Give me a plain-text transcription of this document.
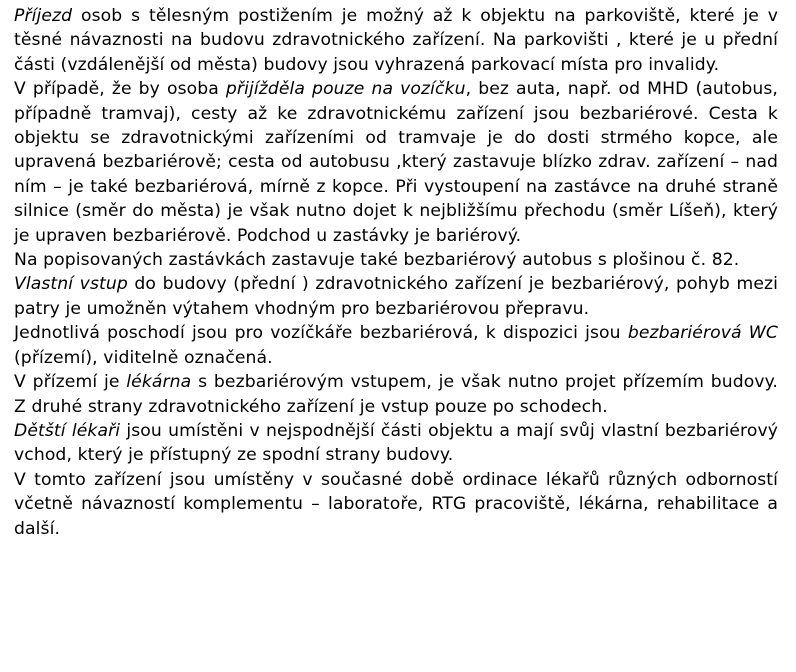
Příjezd osob s tělesným postižením je možný až k objektu na parkoviště, které je v těsné návaznosti na budovu zdravotnického zařízení. Na parkovišti , které je u přední části (vzdálenější od města) budovy jsou vyhrazená parkovací místa pro invalidy.

V případě, že by osoba přijížděla pouze na vozíčku, bez auta, např. od MHD (autobus, případně tramvaj), cesty až ke zdravotnickému zařízení jsou bezbariérové. Cesta k objektu se zdravotnickými zařízeními od tramvaje je do dosti strmého kopce, ale upravená bezbariérově; cesta od autobusu ,který zastavuje blízko zdrav. zařízení – nad ním – je také bezbariérová, mírně z kopce. Při vystoupení na zastávce na druhé straně silnice (směr do města) je však nutno dojet k nejbližšímu přechodu (směr Líšeň), který je upraven bezbariérově. Podchod u zastávky je bariérový.

Na popisovaných zastávkách zastavuje také bezbariérový autobus s plošinou č. 82.

Vlastní vstup do budovy (přední ) zdravotnického zařízení je bezbariérový, pohyb mezi patry je umožněn výtahem vhodným pro bezbariérovou přepravu.

Jednotlivá poschodí jsou pro vozíčkáře bezbariérová, k dispozici jsou bezbariérová WC (přízemí), viditelně označená.

V přízemí je lékárna s bezbariérovým vstupem, je však nutno projet přízemím budovy. Z druhé strany zdravotnického zařízení je vstup pouze po schodech.

Dětští lékaři jsou umístěni v nejspodnější části objektu a mají svůj vlastní bezbariérový vchod, který je přístupný ze spodní strany budovy.

V tomto zařízení jsou umístěny v současné době ordinace lékařů různých odborností včetně návazností komplementu – laboratoře, RTG pracoviště, lékárna, rehabilitace a další.
